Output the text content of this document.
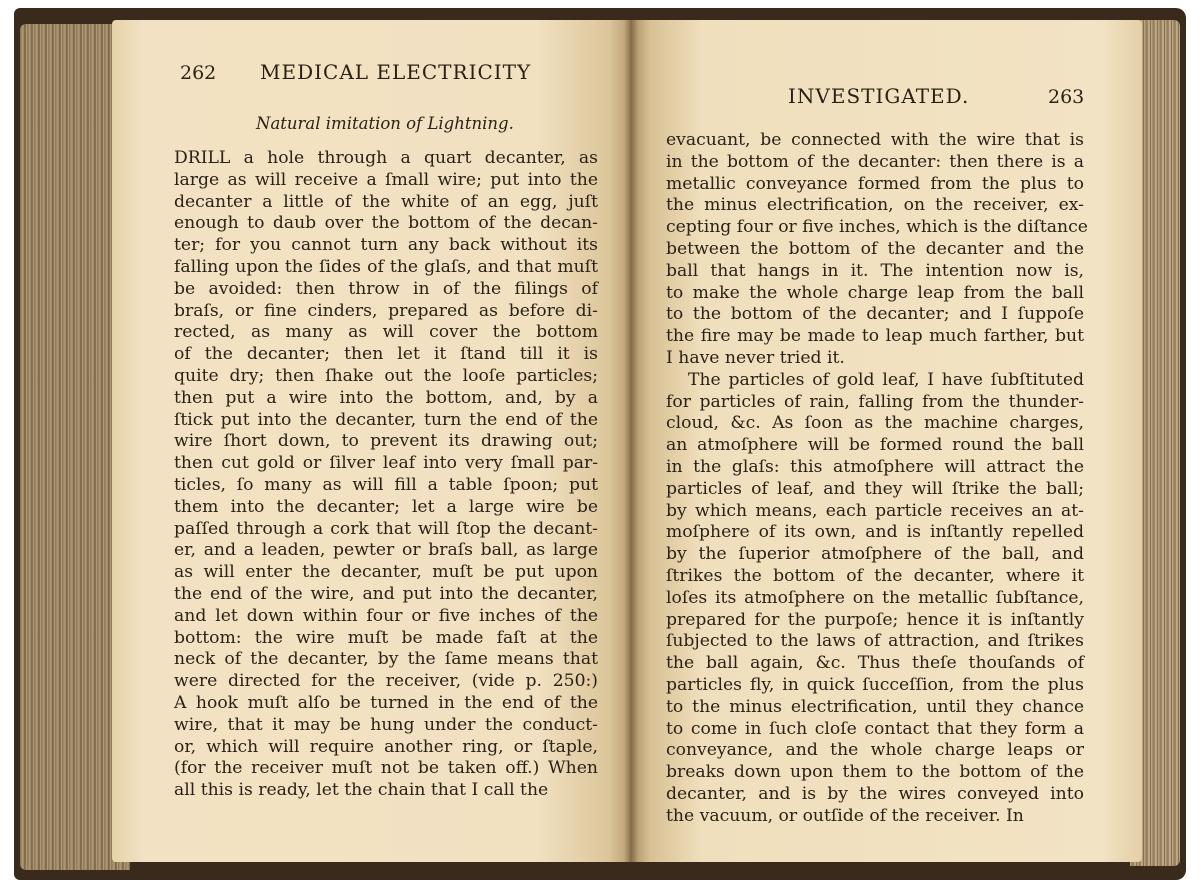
262 MEDICAL ELECTRICITY
Natural imitation of Lightning.
DRILL a hole through a quart decanter, as
large as will receive a ſmall wire; put into the
decanter a little of the white of an egg, juſt
enough to daub over the bottom of the decan-
ter; for you cannot turn any back without its
falling upon the ſides of the glaſs, and that muſt
be avoided: then throw in of the filings of
braſs, or fine cinders, prepared as before di-
rected, as many as will cover the bottom
of the decanter; then let it ſtand till it is
quite dry; then ſhake out the looſe particles;
then put a wire into the bottom, and, by a
ſtick put into the decanter, turn the end of the
wire ſhort down, to prevent its drawing out;
then cut gold or ſilver leaf into very ſmall par-
ticles, ſo many as will fill a table ſpoon; put
them into the decanter; let a large wire be
paſſed through a cork that will ſtop the decant-
er, and a leaden, pewter or braſs ball, as large
as will enter the decanter, muſt be put upon
the end of the wire, and put into the decanter,
and let down within four or five inches of the
bottom: the wire muſt be made faſt at the
neck of the decanter, by the ſame means that
were directed for the receiver, (vide p. 250:)
A hook muſt alſo be turned in the end of the
wire, that it may be hung under the conduct-
or, which will require another ring, or ſtaple,
(for the receiver muſt not be taken off.) When
all this is ready, let the chain that I call the
INVESTIGATED.	263
evacuant, be connected with the wire that is
in the bottom of the decanter: then there is a
metallic conveyance formed from the plus to
the minus electrification, on the receiver, ex-
cepting four or five inches, which is the diſtance
between the bottom of the decanter and the
ball that hangs in it. The intention now is,
to make the whole charge leap from the ball
to the bottom of the decanter; and I ſuppoſe
the fire may be made to leap much farther, but
I have never tried it.
The particles of gold leaf, I have ſubſtituted
for particles of rain, falling from the thunder-
cloud, &c. As ſoon as the machine charges,
an atmoſphere will be formed round the ball
in the glaſs: this atmoſphere will attract the
particles of leaf, and they will ſtrike the ball;
by which means, each particle receives an at-
moſphere of its own, and is inſtantly repelled
by the ſuperior atmoſphere of the ball, and
ſtrikes the bottom of the decanter, where it
loſes its atmoſphere on the metallic ſubſtance,
prepared for the purpoſe; hence it is inſtantly
ſubjected to the laws of attraction, and ſtrikes
the ball again, &c. Thus theſe thouſands of
particles fly, in quick ſucceſſion, from the plus
to the minus electrification, until they chance
to come in ſuch cloſe contact that they form a
conveyance, and the whole charge leaps or
breaks down upon them to the bottom of the
decanter, and is by the wires conveyed into
the vacuum, or outſide of the receiver. In
